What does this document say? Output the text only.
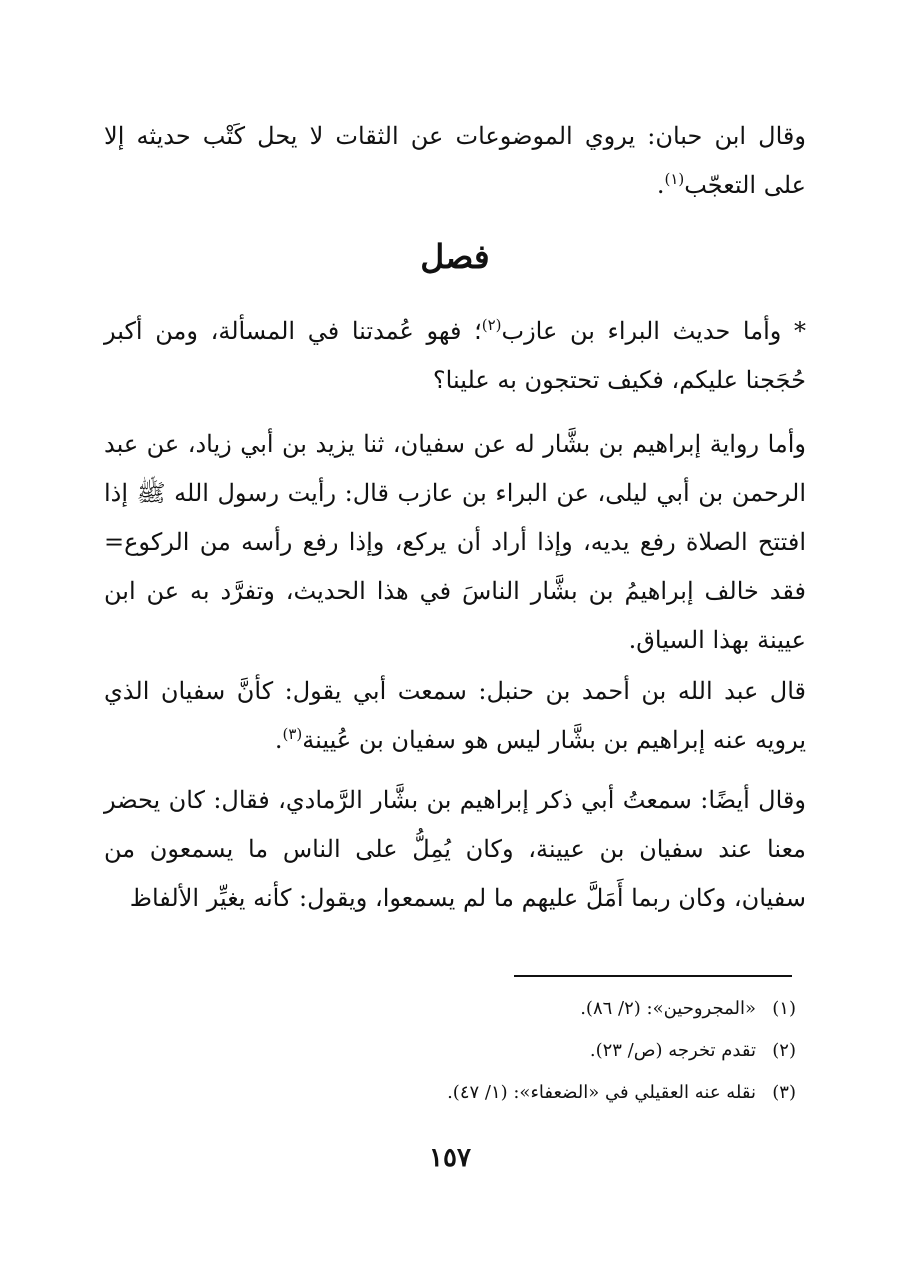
وقال ابن حبان: يروي الموضوعات عن الثقات لا يحل كَتْب حديثه إلا على التعجّب$^{(١)}$.

فصل

* وأما حديث البراء بن عازب$^{(٢)}$؛ فهو عُمدتنا في المسألة، ومن أكبر حُجَجنا عليكم، فكيف تحتجون به علينا؟

وأما رواية إبراهيم بن بشَّار له عن سفيان، ثنا يزيد بن أبي زياد، عن عبد الرحمن بن أبي ليلى، عن البراء بن عازب قال: رأيت رسول الله ﷺ إذا افتتح الصلاة رفع يديه، وإذا أراد أن يركع، وإذا رفع رأسه من الركوع= فقد خالف إبراهيمُ بن بشَّار الناسَ في هذا الحديث، وتفرَّد به عن ابن عيينة بهذا السياق.

قال عبد الله بن أحمد بن حنبل: سمعت أبي يقول: كأنَّ سفيان الذي يرويه عنه إبراهيم بن بشَّار ليس هو سفيان بن عُيينة$^{(٣)}$.

وقال أيضًا: سمعتُ أبي ذكر إبراهيم بن بشَّار الرَّمادي، فقال: كان يحضر معنا عند سفيان بن عيينة، وكان يُمِلُّ على الناس ما يسمعون من سفيان، وكان ربما أَمَلَّ عليهم ما لم يسمعوا، ويقول: كأنه يغيِّر الألفاظ

(١)«المجروحين»: (٢/ ٨٦).
(٢)تقدم تخرجه (ص/ ٢٣).
(٣)نقله عنه العقيلي في «الضعفاء»: (١/ ٤٧).
١٥٧
